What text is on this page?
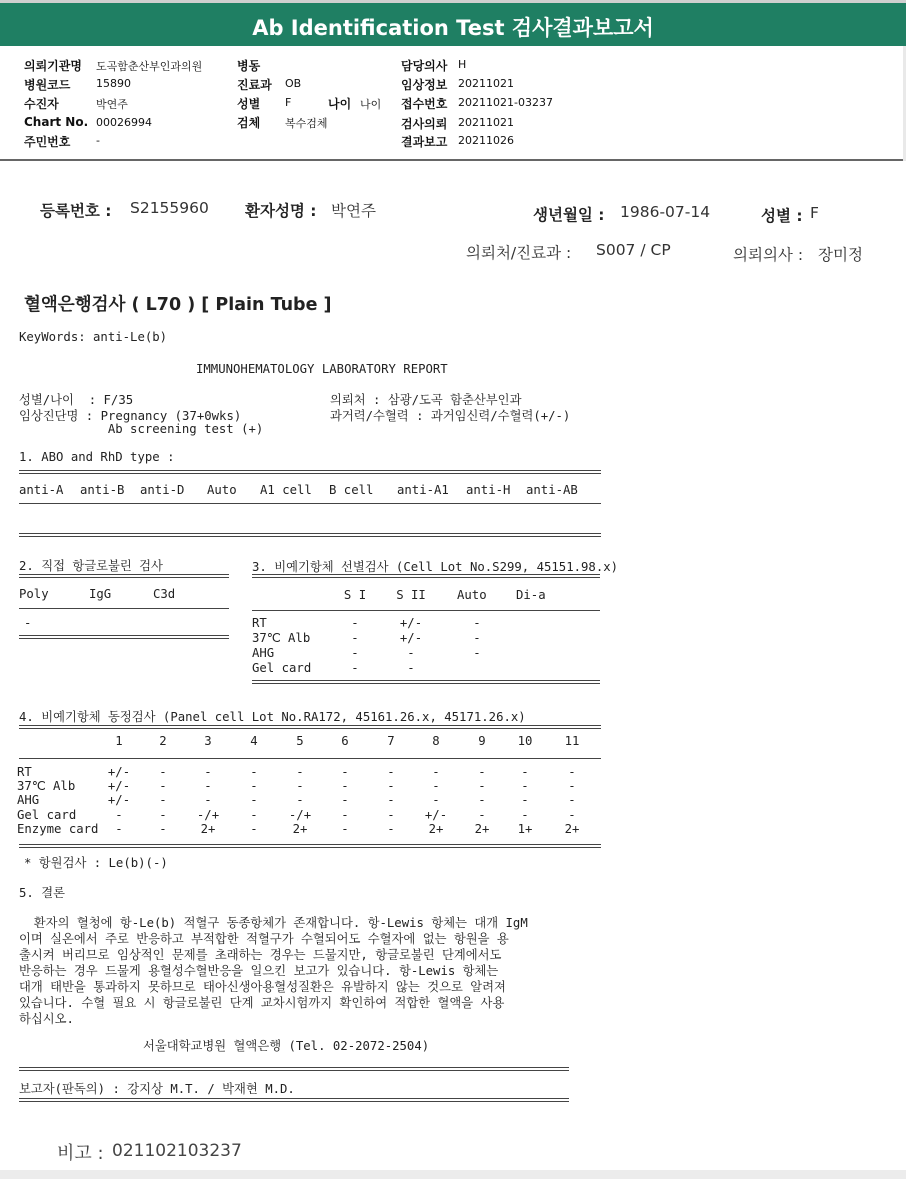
Ab Identification Test 검사결과보고서
의뢰기관명 도곡함춘산부인과의원
병원코드 15890
수진자	박연주
Chart No. 00026994
주민번호 -
병동
진료과 OB
성별 F	나이 나이
검체 복수검체
담당의사 H
임상정보 20211021
접수번호 20211021-03237
검사의뢰 20211021
결과보고 20211026
등록번호 : S2155960 환자성명 : 박연주	생년월일 : 1986-07-14	성별 : F
의뢰처/진료과 : S007 / CP	의뢰의사 : 장미정
혈액은행검사 ( L70 ) [ Plain Tube ]
KeyWords: anti-Le(b)
IMMUNOHEMATOLOGY LABORATORY REPORT
성별/나이  : F/35
임상진단명 : Pregnancy (37+0wks)
Ab screening test (+)
의뢰처 : 삼광/도곡 함춘산부인과
과거력/수혈력 : 과거임신력/수혈력(+/-)
1. ABO and RhD type :
anti-A anti-B anti-D Auto A1 cell B cell anti-A1 anti-H anti-AB
2. 직접 항글로불린 검사
Poly	IgG	C3d
-
3. 비예기항체 선별검사 (Cell Lot No.S299, 45151.98.x)
S I	S II	Auto Di-a
RT	-	+/-	-
37℃ Alb	-	+/-	-
AHG	-	-	-
Gel card	-	-
4. 비예기항체 동정검사 (Panel cell Lot No.RA172, 45161.26.x, 45171.26.x)
1	2	3	4	5	6	7	8	9	10	11
RT	+/-	-	-	-	-	-	-	-	-	-	-
37℃ Alb	+/-	-	-	-	-	-	-	-	-	-	-
AHG	+/-	-	-	-	-	-	-	-	-	-	-
Gel card	-	-	-/+	-	-/+	-	-	+/-	-	-	-
Enzyme card	-	-	2+	-	2+	-	-	2+	2+	1+	2+
* 항원검사 : Le(b)(-)
5. 결론
환자의 혈청에 항-Le(b) 적혈구 동종항체가 존재합니다. 항-Lewis 항체는 대개 IgM
이며 실온에서 주로 반응하고 부적합한 적혈구가 수혈되어도 수혈자에 없는 항원을 용
출시켜 버리므로 임상적인 문제를 초래하는 경우는 드물지만, 항글로불린 단계에서도
반응하는 경우 드물게 용혈성수혈반응을 일으킨 보고가 있습니다. 항-Lewis 항체는
대개 태반을 통과하지 못하므로 태아신생아용혈성질환은 유발하지 않는 것으로 알려져
있습니다. 수혈 필요 시 항글로불린 단계 교차시험까지 확인하여 적합한 혈액을 사용
하십시오.
서울대학교병원 혈액은행 (Tel. 02-2072-2504)
보고자(판독의) : 강지상 M.T. / 박재현 M.D.
비고 : 021102103237
